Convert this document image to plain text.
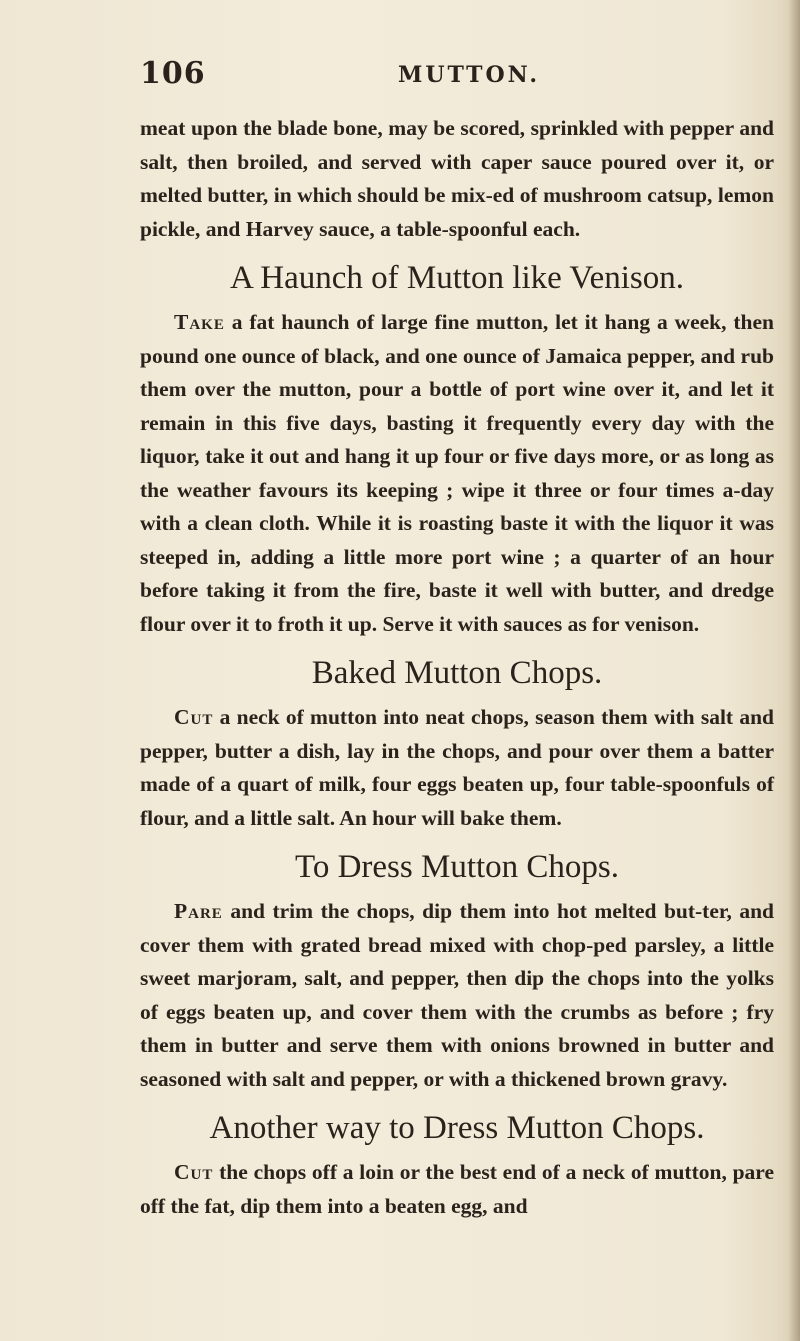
106	MUTTON.

meat upon the blade bone, may be scored, sprinkled with pepper and salt, then broiled, and served with caper sauce poured over it, or melted butter, in which should be mix-ed of mushroom catsup, lemon pickle, and Harvey sauce, a table-spoonful each.

A Haunch of Mutton like Venison.

Take a fat haunch of large fine mutton, let it hang a week, then pound one ounce of black, and one ounce of Jamaica pepper, and rub them over the mutton, pour a bottle of port wine over it, and let it remain in this five days, basting it frequently every day with the liquor, take it out and hang it up four or five days more, or as long as the weather favours its keeping ; wipe it three or four times a-day with a clean cloth. While it is roasting baste it with the liquor it was steeped in, adding a little more port wine ; a quarter of an hour before taking it from the fire, baste it well with butter, and dredge flour over it to froth it up. Serve it with sauces as for venison.

Baked Mutton Chops.

Cut a neck of mutton into neat chops, season them with salt and pepper, butter a dish, lay in the chops, and pour over them a batter made of a quart of milk, four eggs beaten up, four table-spoonfuls of flour, and a little salt. An hour will bake them.

To Dress Mutton Chops.

Pare and trim the chops, dip them into hot melted but-ter, and cover them with grated bread mixed with chop-ped parsley, a little sweet marjoram, salt, and pepper, then dip the chops into the yolks of eggs beaten up, and cover them with the crumbs as before ; fry them in butter and serve them with onions browned in butter and seasoned with salt and pepper, or with a thickened brown gravy.

Another way to Dress Mutton Chops.

Cut the chops off a loin or the best end of a neck of mutton, pare off the fat, dip them into a beaten egg, and
